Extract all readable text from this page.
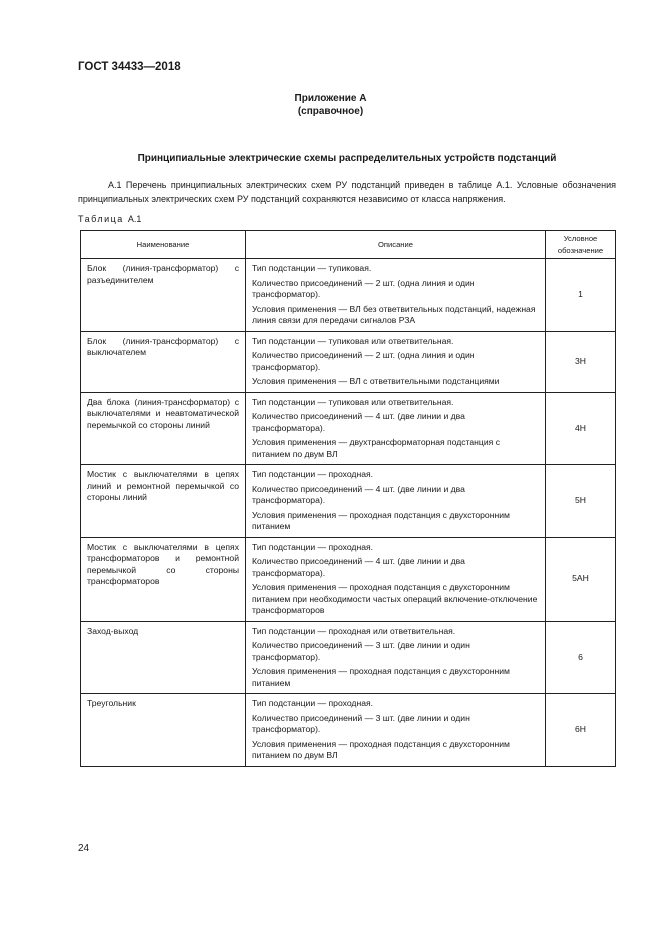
ГОСТ 34433—2018
Приложение А
(справочное)
Принципиальные электрические схемы распределительных устройств подстанций
А.1 Перечень принципиальных электрических схем РУ подстанций приведен в таблице А.1. Условные обозначения принципиальных электрических схем РУ подстанций сохраняются независимо от класса напряжения.
Таблица А.1
Наименование	Описание	Условное обозначение
Блок (линия-трансформатор) с разъединителем	Тип подстанции — тупиковая.

Количество присоединений — 2 шт. (одна линия и один трансформатор).

Условия применения — ВЛ без ответвительных подстанций, надежная линия связи для передачи сигналов РЗА	1
Блок (линия-трансформатор) с выключателем	Тип подстанции — тупиковая или ответвительная.

Количество присоединений — 2 шт. (одна линия и один трансформатор).

Условия применения — ВЛ с ответвительными подстанциями	3Н
Два блока (линия-трансформатор) с выключателями и неавтоматической перемычкой со стороны линий	Тип подстанции — тупиковая или ответвительная.

Количество присоединений — 4 шт. (две линии и два трансформатора).

Условия применения — двухтрансформаторная подстанция с питанием по двум ВЛ	4Н
Мостик с выключателями в цепях линий и ремонтной перемычкой со стороны линий	Тип подстанции — проходная.

Количество присоединений — 4 шт. (две линии и два трансформатора).

Условия применения — проходная подстанция с двухсторонним питанием	5Н
Мостик с выключателями в цепях трансформаторов и ремонтной перемычкой со стороны трансформаторов	Тип подстанции — проходная.

Количество присоединений — 4 шт. (две линии и два трансформатора).

Условия применения — проходная подстанция с двухсторонним питанием при необходимости частых операций включение-отключение трансформаторов	5АН
Заход-выход	Тип подстанции — проходная или ответвительная.

Количество присоединений — 3 шт. (две линии и один трансформатор).

Условия применения — проходная подстанция с двухсторонним питанием	6
Треугольник	Тип подстанции — проходная.

Количество присоединений — 3 шт. (две линии и один трансформатор).

Условия применения — проходная подстанция с двухсторонним питанием по двум ВЛ	6Н
24
